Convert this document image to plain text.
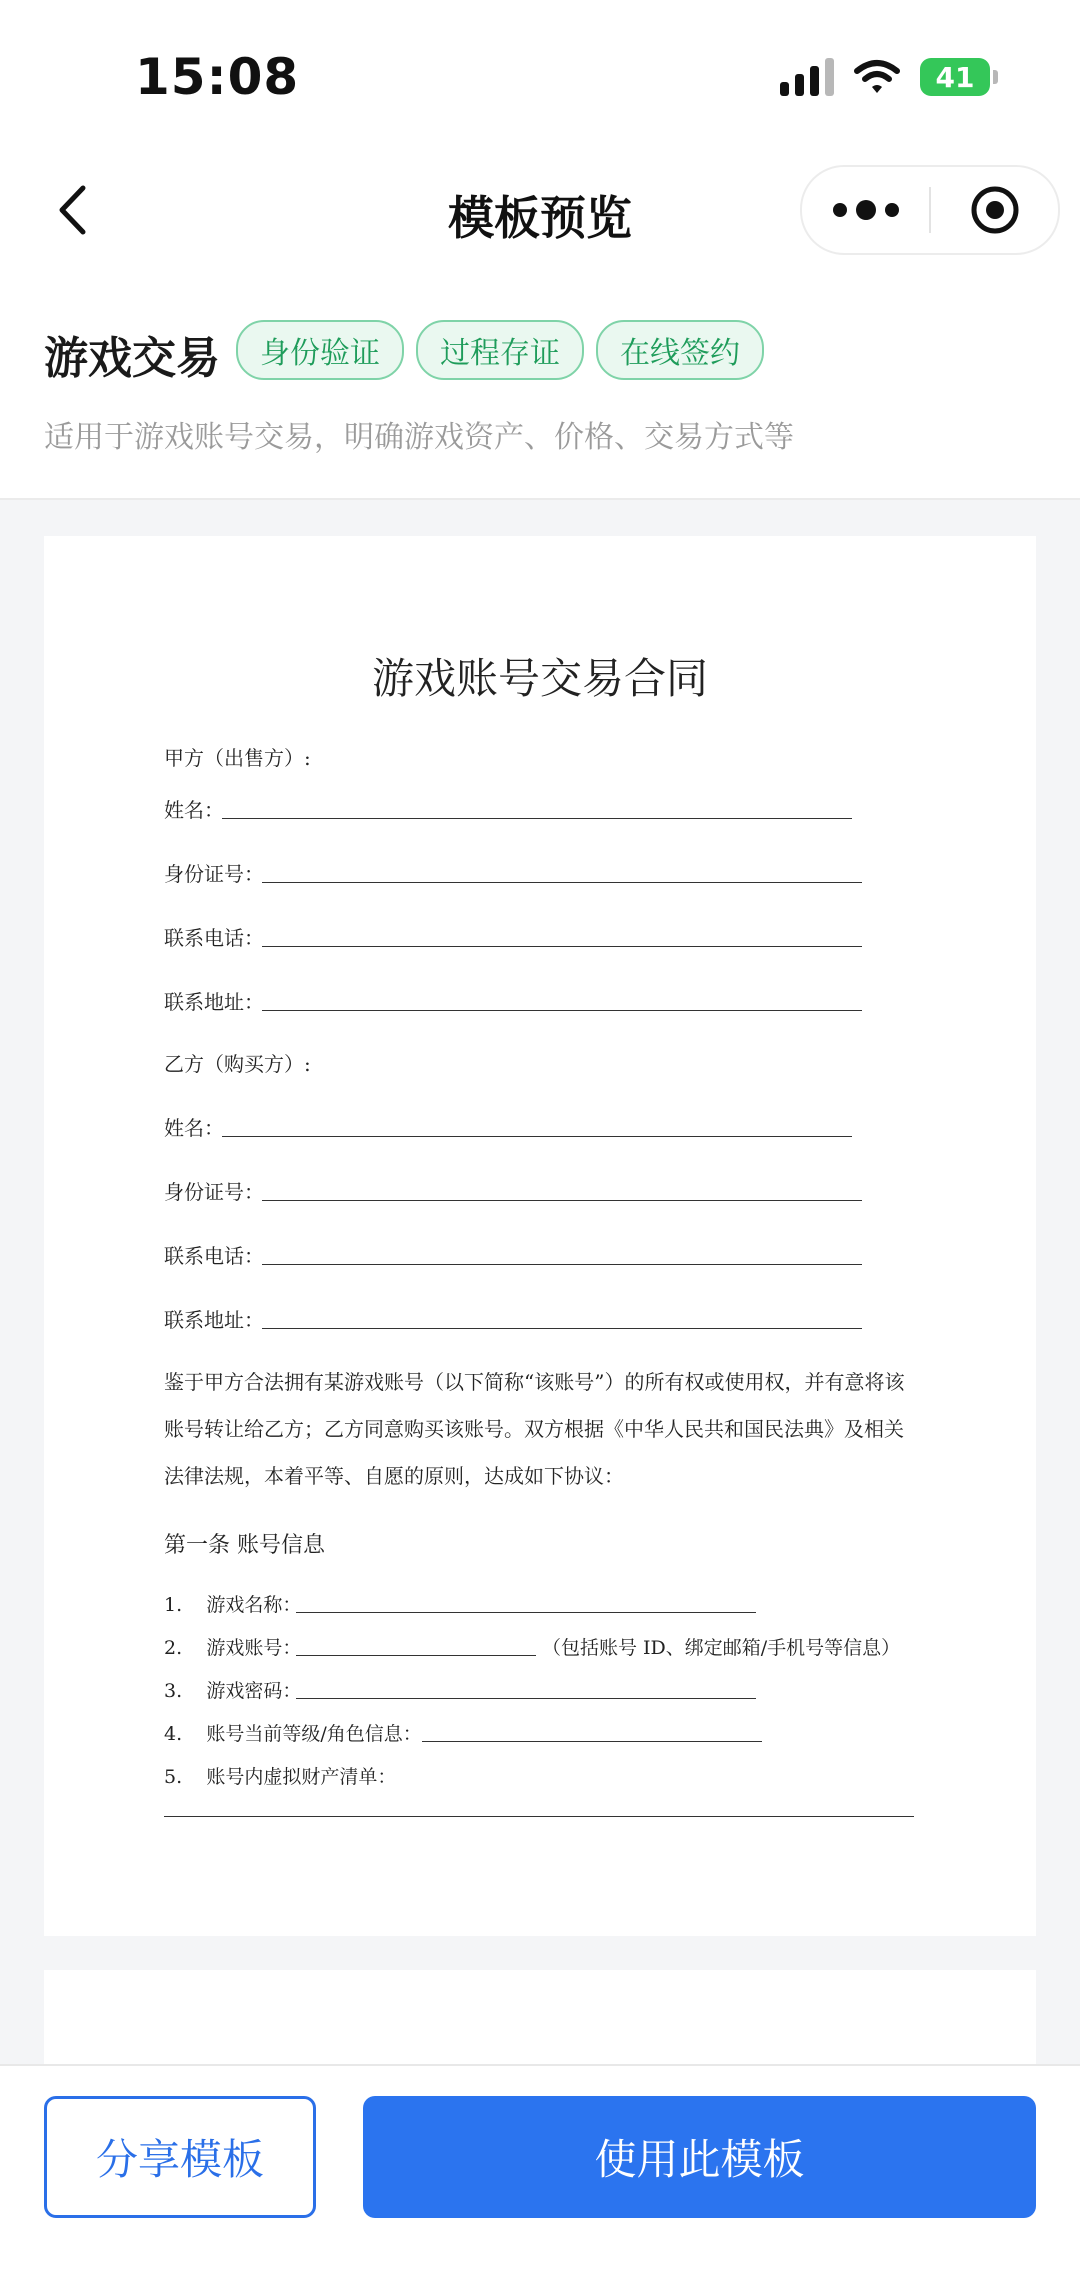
15:08	41
模板预览
游戏交易	身份验证	过程存证	在线签约
适用于游戏账号交易，明确游戏资产、价格、交易方式等
游戏账号交易合同
甲方（出售方）:
姓名：
身份证号：
联系电话：
联系地址：
乙方（购买方）:
姓名：
身份证号：
联系电话：
联系地址：
鉴于甲方合法拥有某游戏账号（以下简称“该账号”）的所有权或使用权，并有意将该
账号转让给乙方；乙方同意购买该账号。双方根据《中华人民共和国民法典》及相关
法律法规，本着平等、自愿的原则，达成如下协议：
第一条 账号信息
1. 游戏名称：
2. 游戏账号：	（包括账号 ID、绑定邮箱/手机号等信息）
3. 游戏密码：
4. 账号当前等级/角色信息：
5. 账号内虚拟财产清单：
分享模板	使用此模板
